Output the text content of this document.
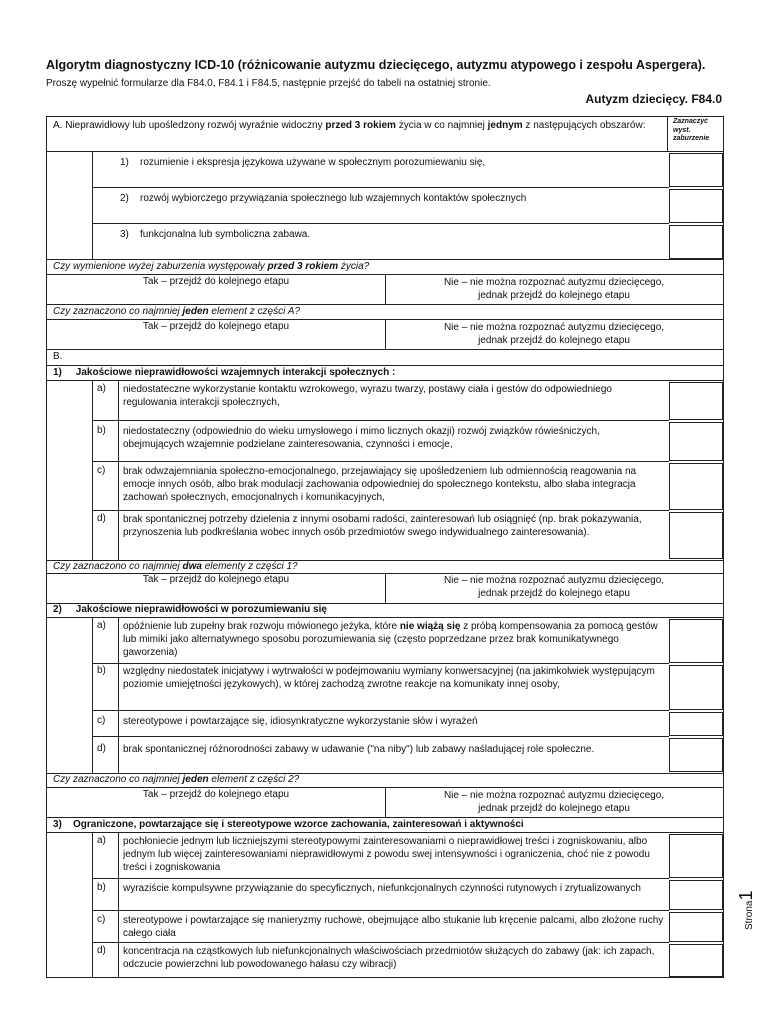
Algorytm diagnostyczny ICD-10 (różnicowanie autyzmu dziecięcego, autyzmu atypowego i zespołu Aspergera).
Proszę wypełnić formularze dla F84.0, F84.1 i F84.5, następnie przejść do tabeli na ostatniej stronie.
Autyzm dziecięcy. F84.0
A. Nieprawidłowy lub upośledzony rozwój wyraźnie widoczny przed 3 rokiem życia w co najmniej jednym z następujących obszarów:	Zaznaczyć wyst. zaburzenie
1) rozumienie i ekspresja językowa używane w społecznym porozumiewaniu się,
2) rozwój wybiorczego przywiązania społecznego lub wzajemnych kontaktów społecznych
3) funkcjonalna lub symboliczna zabawa.
Czy wymienione wyżej zaburzenia występowały przed 3 rokiem życia?
Tak – przejdź do kolejnego etapu	Nie – nie można rozpoznać autyzmu dziecięcego,
jednak przejdź do kolejnego etapu
Czy zaznaczono co najmniej jeden element z części A?
Tak – przejdź do kolejnego etapu	Nie – nie można rozpoznać autyzmu dziecięcego,
jednak przejdź do kolejnego etapu
B.
1)     Jakościowe nieprawidłowości wzajemnych interakcji społecznych :
a) niedostateczne wykorzystanie kontaktu wzrokowego, wyrazu twarzy, postawy ciała i gestów do odpowiedniego regulowania interakcji społecznych,
b) niedostateczny (odpowiednio do wieku umysłowego i mimo licznych okazji) rozwój związków rówieśniczych, obejmujących wzajemnie podzielane zainteresowania, czynności i emocje,
c) brak odwzajemniania społeczno-emocjonalnego, przejawiający się upośledzeniem lub odmiennością reagowania na emocje innych osób, albo brak modulacji zachowania odpowiedniej do społecznego kontekstu, albo słaba integracja zachowań społecznych, emocjonalnych i komunikacyjnych,
d) brak spontanicznej potrzeby dzielenia z innymi osobami radości, zainteresowań lub osiągnięć (np. brak pokazywania, przynoszenia lub podkreślania wobec innych osób przedmiotów swego indywidualnego zainteresowania).
Czy zaznaczono co najmniej dwa elementy z części 1?
Tak – przejdź do kolejnego etapu	Nie – nie można rozpoznać autyzmu dziecięcego,
jednak przejdź do kolejnego etapu
2)     Jakościowe nieprawidłowości w porozumiewaniu się
a) opóźnienie lub zupełny brak rozwoju mówionego jeżyka, które nie wiążą się z próbą kompensowania za pomocą gestów lub mimiki jako alternatywnego sposobu porozumiewania się (często poprzedzane przez brak komunikatywnego gaworzenia)
b) względny niedostatek inicjatywy i wytrwałości w podejmowaniu wymiany konwersacyjnej (na jakimkolwiek występującym poziomie umiejętności językowych), w której zachodzą zwrotne reakcje na komunikaty innej osoby,
c) stereotypowe i powtarzające się, idiosynkratyczne wykorzystanie słów i wyrażeń
d) brak spontanicznej różnorodności zabawy w udawanie ("na niby") lub zabawy naśladującej role społeczne.
Czy zaznaczono co najmniej jeden element z części 2?
Tak – przejdź do kolejnego etapu	Nie – nie można rozpoznać autyzmu dziecięcego,
jednak przejdź do kolejnego etapu
3)    Ograniczone, powtarzające się i stereotypowe wzorce zachowania, zainteresowań i aktywności
a) pochłoniecie jednym lub liczniejszymi stereotypowymi zainteresowaniami o nieprawidłowej treści i zogniskowaniu, albo jednym lub więcej zainteresowaniami nieprawidłowymi z powodu swej intensywności i ograniczenia, choć nie z powodu treści i zogniskowania
b) wyraziście kompulsywne przywiązanie do specyficznych, niefunkcjonalnych czynności rutynowych i zrytualizowanych
c) stereotypowe i powtarzające się manieryzmy ruchowe, obejmujące albo stukanie lub kręcenie palcami, albo złożone ruchy całego ciała
d) koncentracja na cząstkowych lub niefunkcjonalnych właściwościach przedmiotów służących do zabawy (jak: ich zapach, odczucie powierzchni lub powodowanego hałasu czy wibracji)
Strona1
